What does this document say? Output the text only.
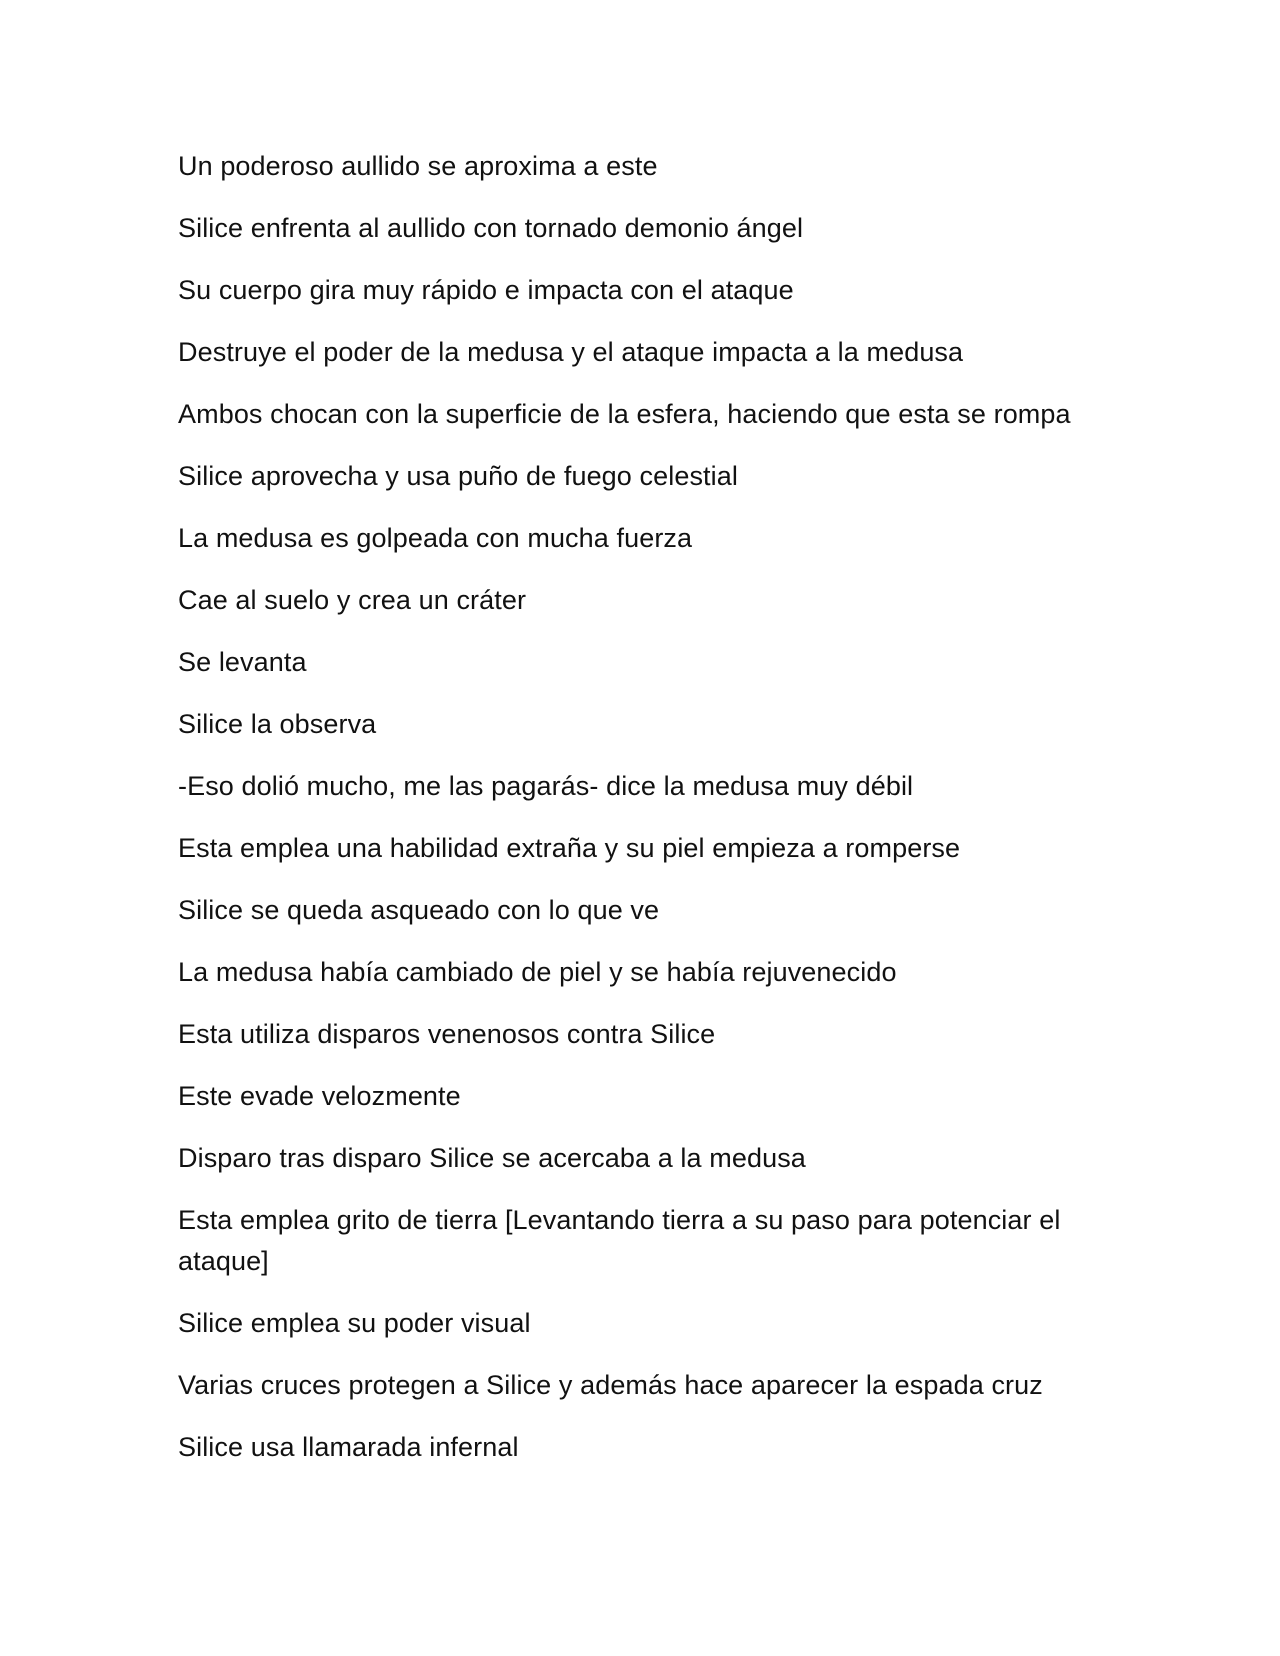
Un poderoso aullido se aproxima a este

Silice enfrenta al aullido con tornado demonio ángel

Su cuerpo gira muy rápido e impacta con el ataque

Destruye el poder de la medusa y el ataque impacta a la medusa

Ambos chocan con la superficie de la esfera, haciendo que esta se rompa

Silice aprovecha y usa puño de fuego celestial

La medusa es golpeada con mucha fuerza

Cae al suelo y crea un cráter

Se levanta

Silice la observa

-Eso dolió mucho, me las pagarás- dice la medusa muy débil

Esta emplea una habilidad extraña y su piel empieza a romperse

Silice se queda asqueado con lo que ve

La medusa había cambiado de piel y se había rejuvenecido

Esta utiliza disparos venenosos contra Silice

Este evade velozmente

Disparo tras disparo Silice se acercaba a la medusa

Esta emplea grito de tierra [Levantando tierra a su paso para potenciar el ataque]

Silice emplea su poder visual

Varias cruces protegen a Silice y además hace aparecer la espada cruz

Silice usa llamarada infernal
